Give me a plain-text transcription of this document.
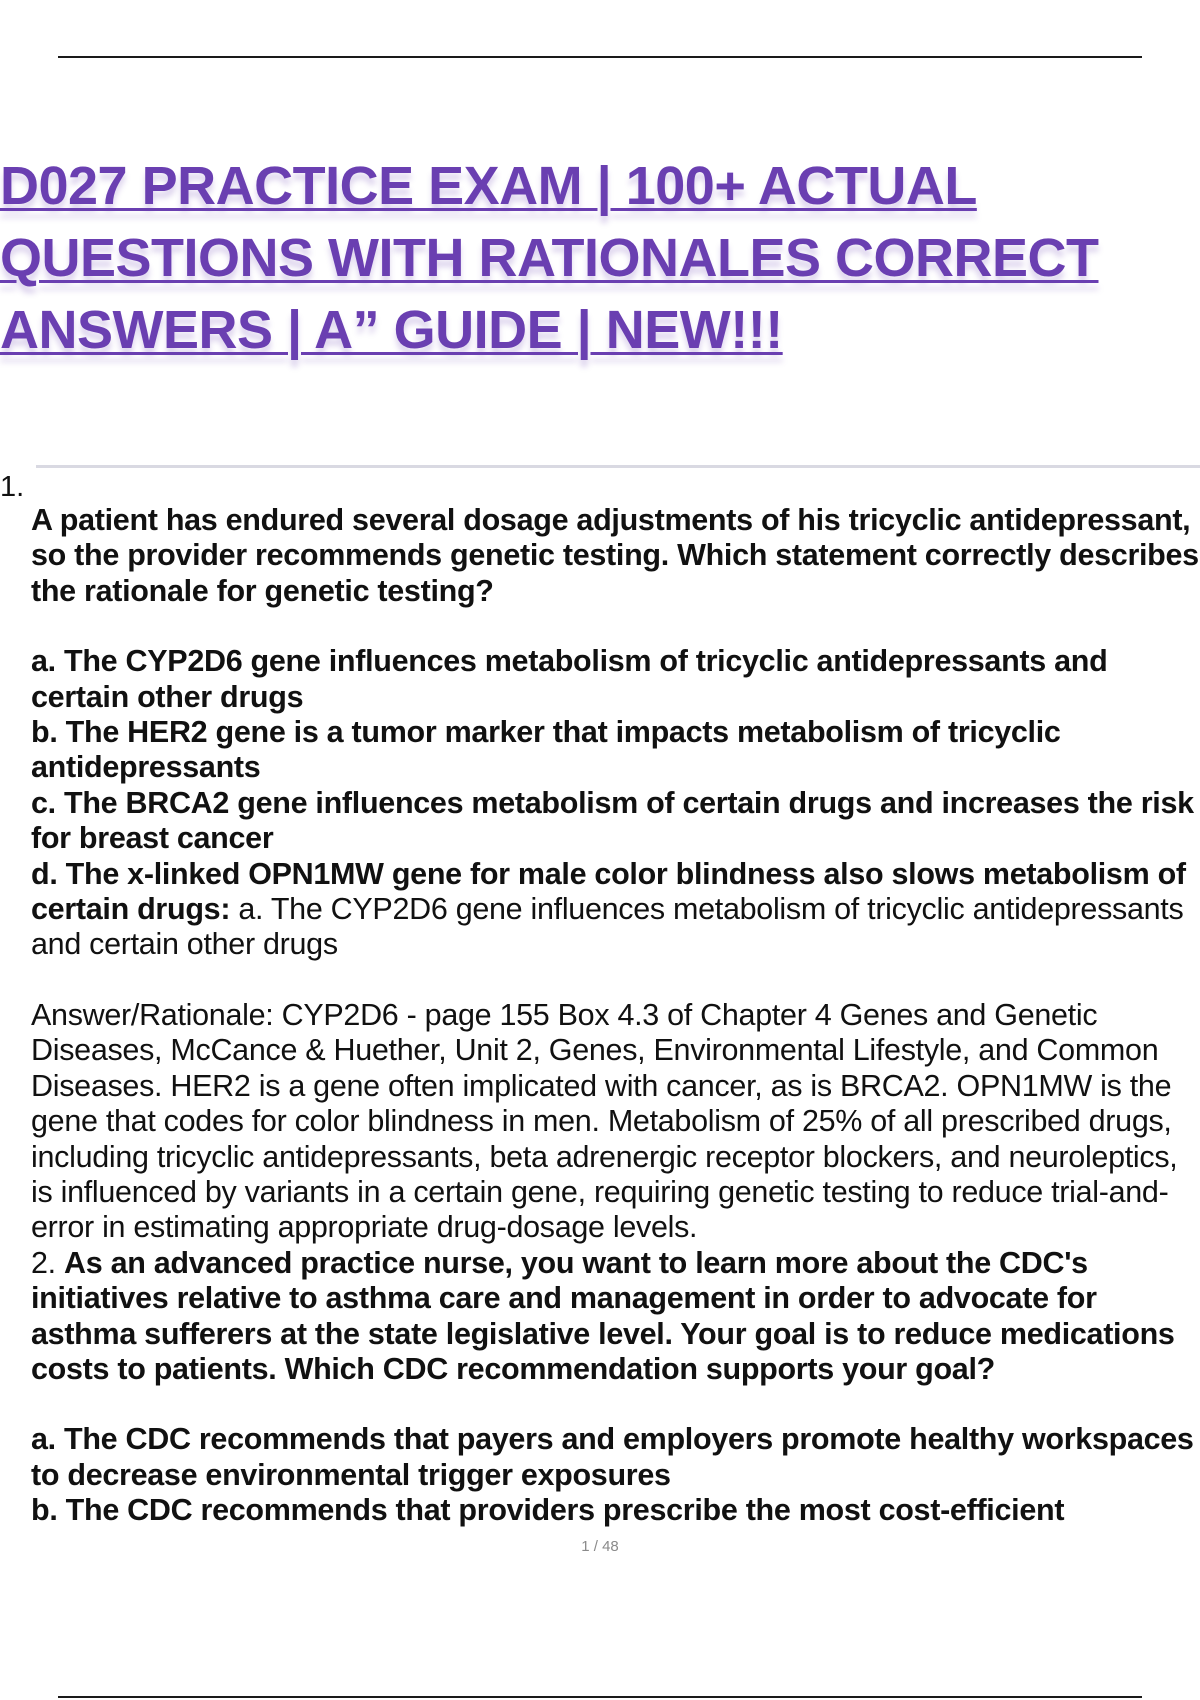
D027 PRACTICE EXAM | 100+ ACTUAL
QUESTIONS WITH RATIONALES CORRECT
ANSWERS | A” GUIDE | NEW!!!
1.

A patient has endured several dosage adjustments of his tricyclic antidepressant, so the provider recommends genetic testing. Which statement correctly describes the rationale for genetic testing?

a. The CYP2D6 gene influences metabolism of tricyclic antidepressants and certain other drugs

b. The HER2 gene is a tumor marker that impacts metabolism of tricyclic antidepressants

c. The BRCA2 gene influences metabolism of certain drugs and increases the risk for breast cancer

d. The x-linked OPN1MW gene for male color blindness also slows metabolism of certain drugs: a. The CYP2D6 gene influences metabolism of tricyclic antidepressants and certain other drugs

Answer/Rationale: CYP2D6 - page 155 Box 4.3 of Chapter 4 Genes and Genetic Diseases, McCance & Huether, Unit 2, Genes, Environmental Lifestyle, and Common Diseases. HER2 is a gene often implicated with cancer, as is BRCA2. OPN1MW is the gene that codes for color blindness in men. Metabolism of 25% of all prescribed drugs, including tricyclic antidepressants, beta adrenergic receptor blockers, and neuroleptics, is influenced by variants in a certain gene, requiring genetic testing to reduce trial-and-error in estimating appropriate drug-dosage levels.

2. As an advanced practice nurse, you want to learn more about the CDC's initiatives relative to asthma care and management in order to advocate for asthma sufferers at the state legislative level. Your goal is to reduce medications costs to patients. Which CDC recommendation supports your goal?

a. The CDC recommends that payers and employers promote healthy workspaces to decrease environmental trigger exposures

b. The CDC recommends that providers prescribe the most cost-efficient

1 / 48
